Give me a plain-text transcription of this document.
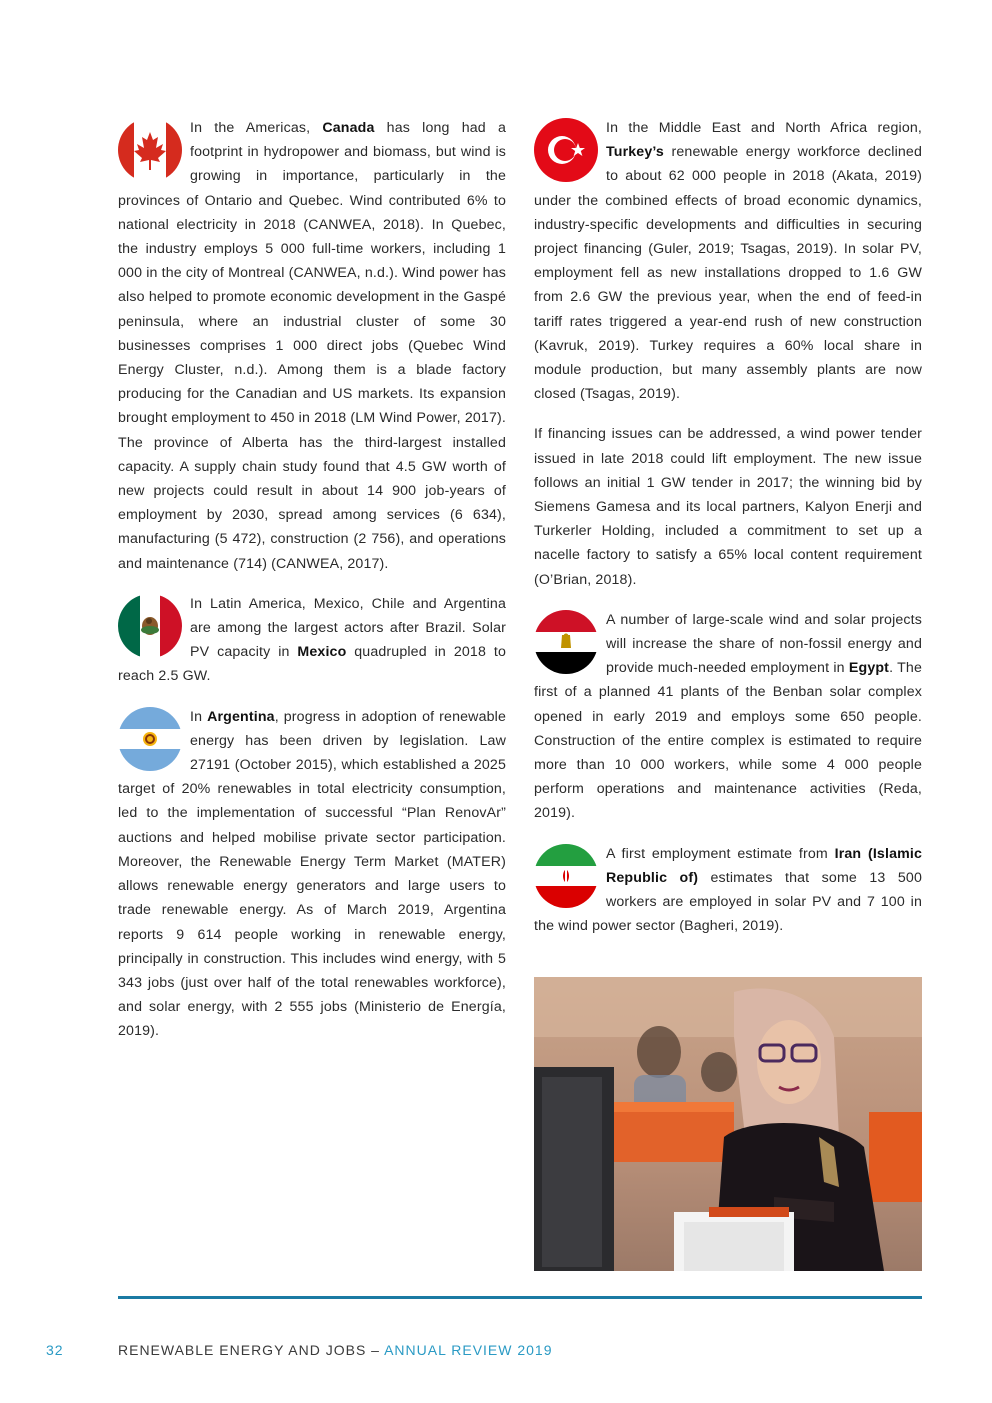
In the Americas, Canada has long had a footprint in hydropower and biomass, but wind is growing in importance, particularly in the provinces of Ontario and Quebec. Wind contributed 6% to national electricity in 2018 (CANWEA, 2018). In Quebec, the industry employs 5 000 full-time workers, including 1 000 in the city of Montreal (CANWEA, n.d.). Wind power has also helped to promote economic development in the Gaspé peninsula, where an industrial cluster of some 30 businesses comprises 1 000 direct jobs (Quebec Wind Energy Cluster, n.d.). Among them is a blade factory producing for the Canadian and US markets. Its expansion brought employment to 450 in 2018 (LM Wind Power, 2017). The province of Alberta has the third-largest installed capacity. A supply chain study found that 4.5 GW worth of new projects could result in about 14 900 job-years of employment by 2030, spread among services (6 634), manufacturing (5 472), construction (2 756), and operations and maintenance (714) (CANWEA, 2017).

In Latin America, Mexico, Chile and Argentina are among the largest actors after Brazil. Solar PV capacity in Mexico quadrupled in 2018 to reach 2.5 GW.

In Argentina, progress in adoption of renewable energy has been driven by legislation. Law 27191 (October 2015), which established a 2025 target of 20% renewables in total electricity consumption, led to the implementation of successful “Plan RenovAr” auctions and helped mobilise private sector participation. Moreover, the Renewable Energy Term Market (MATER) allows renewable energy generators and large users to trade renewable energy. As of March 2019, Argentina reports 9 614 people working in renewable energy, principally in construction. This includes wind energy, with 5 343 jobs (just over half of the total renewables workforce), and solar energy, with 2 555 jobs (Ministerio de Energía, 2019).

In the Middle East and North Africa region, Turkey’s renewable energy workforce declined to about 62 000 people in 2018 (Akata, 2019) under the combined effects of broad economic dynamics, industry-specific developments and difficulties in securing project financing (Guler, 2019; Tsagas, 2019). In solar PV, employment fell as new installations dropped to 1.6 GW from 2.6 GW the previous year, when the end of feed-in tariff rates triggered a year-end rush of new construction (Kavruk, 2019). Turkey requires a 60% local share in module production, but many assembly plants are now closed (Tsagas, 2019).

If financing issues can be addressed, a wind power tender issued in late 2018 could lift employment. The new issue follows an initial 1 GW tender in 2017; the winning bid by Siemens Gamesa and its local partners, Kalyon Enerji and Turkerler Holding, included a commitment to set up a nacelle factory to satisfy a 65% local content requirement (O’Brian, 2018).

A number of large-scale wind and solar projects will increase the share of non-fossil energy and provide much-needed employment in Egypt. The first of a planned 41 plants of the Benban solar complex opened in early 2019 and employs some 650 people. Construction of the entire complex is estimated to require more than 10 000 workers, while some 4 000 people perform operations and maintenance activities (Reda, 2019).

A first employment estimate from Iran (Islamic Republic of) estimates that some 13 500 workers are employed in solar PV and 7 100 in the wind power sector (Bagheri, 2019).

32	RENEWABLE ENERGY AND JOBS – ANNUAL REVIEW 2019
